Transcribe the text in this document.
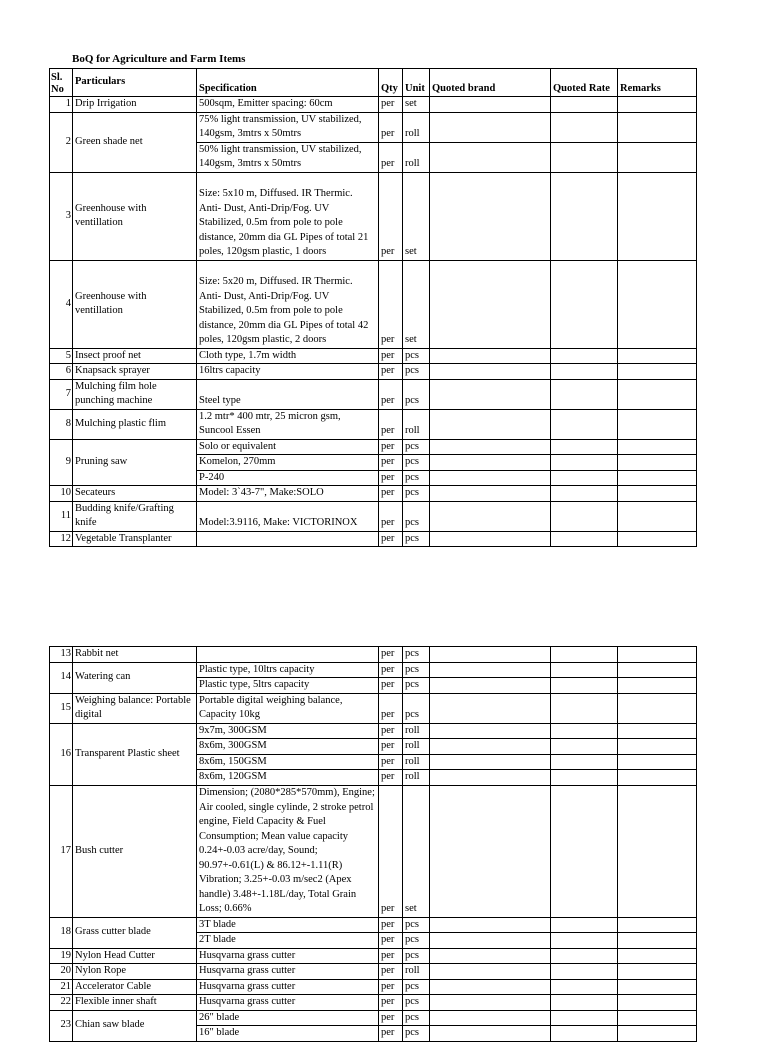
BoQ for Agriculture and Farm Items
Sl. No	Particulars	Specification	Qty	Unit	Quoted brand	Quoted Rate	Remarks
1	Drip Irrigation	500sqm, Emitter spacing: 60cm	per	set			
2	Green shade net	75% light transmission, UV stabilized, 140gsm, 3mtrs x 50mtrs	per	roll			
		50% light transmission, UV stabilized, 140gsm, 3mtrs x 50mtrs	per	roll			
3	Greenhouse with ventillation	Size: 5x10 m, Diffused. IR Thermic. Anti- Dust, Anti-Drip/Fog. UV Stabilized, 0.5m from pole to pole distance, 20mm dia GL Pipes of total 21 poles, 120gsm plastic, 1 doors	per	set			
4	Greenhouse with ventillation	Size: 5x20 m, Diffused. IR Thermic. Anti- Dust, Anti-Drip/Fog. UV Stabilized, 0.5m from pole to pole distance, 20mm dia GL Pipes of total 42 poles, 120gsm plastic, 2 doors	per	set			
5	Insect proof net	Cloth type, 1.7m width	per	pcs			
6	Knapsack sprayer	16ltrs capacity	per	pcs			
7	Mulching film hole punching machine	Steel type	per	pcs			
8	Mulching plastic flim	1.2 mtr* 400 mtr, 25 micron gsm, Suncool Essen	per	roll			
9	Pruning saw	Solo or equivalent	per	pcs			
		Komelon, 270mm	per	pcs			
		P-240	per	pcs			
10	Secateurs	Model: 3`43-7", Make:SOLO	per	pcs			
11	Budding knife/Grafting knife	Model:3.9116, Make: VICTORINOX	per	pcs			
12	Vegetable Transplanter		per	pcs			
13	Rabbit net		per	pcs			
14	Watering can	Plastic type, 10ltrs capacity	per	pcs			
		Plastic type, 5ltrs capacity	per	pcs			
15	Weighing balance: Portable digital	Portable digital weighing balance, Capacity 10kg	per	pcs			
16	Transparent Plastic sheet	9x7m, 300GSM	per	roll			
		8x6m, 300GSM	per	roll			
		8x6m, 150GSM	per	roll			
		8x6m, 120GSM	per	roll			
17	Bush cutter	Dimension; (2080*285*570mm), Engine; Air cooled, single cylinde, 2 stroke petrol engine, Field Capacity & Fuel Consumption; Mean value capacity 0.24+-0.03 acre/day, Sound; 90.97+-0.61(L) & 86.12+-1.11(R) Vibration; 3.25+-0.03 m/sec2 (Apex handle) 3.48+-1.18L/day, Total Grain Loss; 0.66%	per	set			
18	Grass cutter blade	3T blade	per	pcs			
		2T blade	per	pcs			
19	Nylon Head Cutter	Husqvarna grass cutter	per	pcs			
20	Nylon Rope	Husqvarna grass cutter	per	roll			
21	Accelerator Cable	Husqvarna grass cutter	per	pcs			
22	Flexible inner shaft	Husqvarna grass cutter	per	pcs			
23	Chian saw blade	26" blade	per	pcs			
		16" blade	per	pcs			
